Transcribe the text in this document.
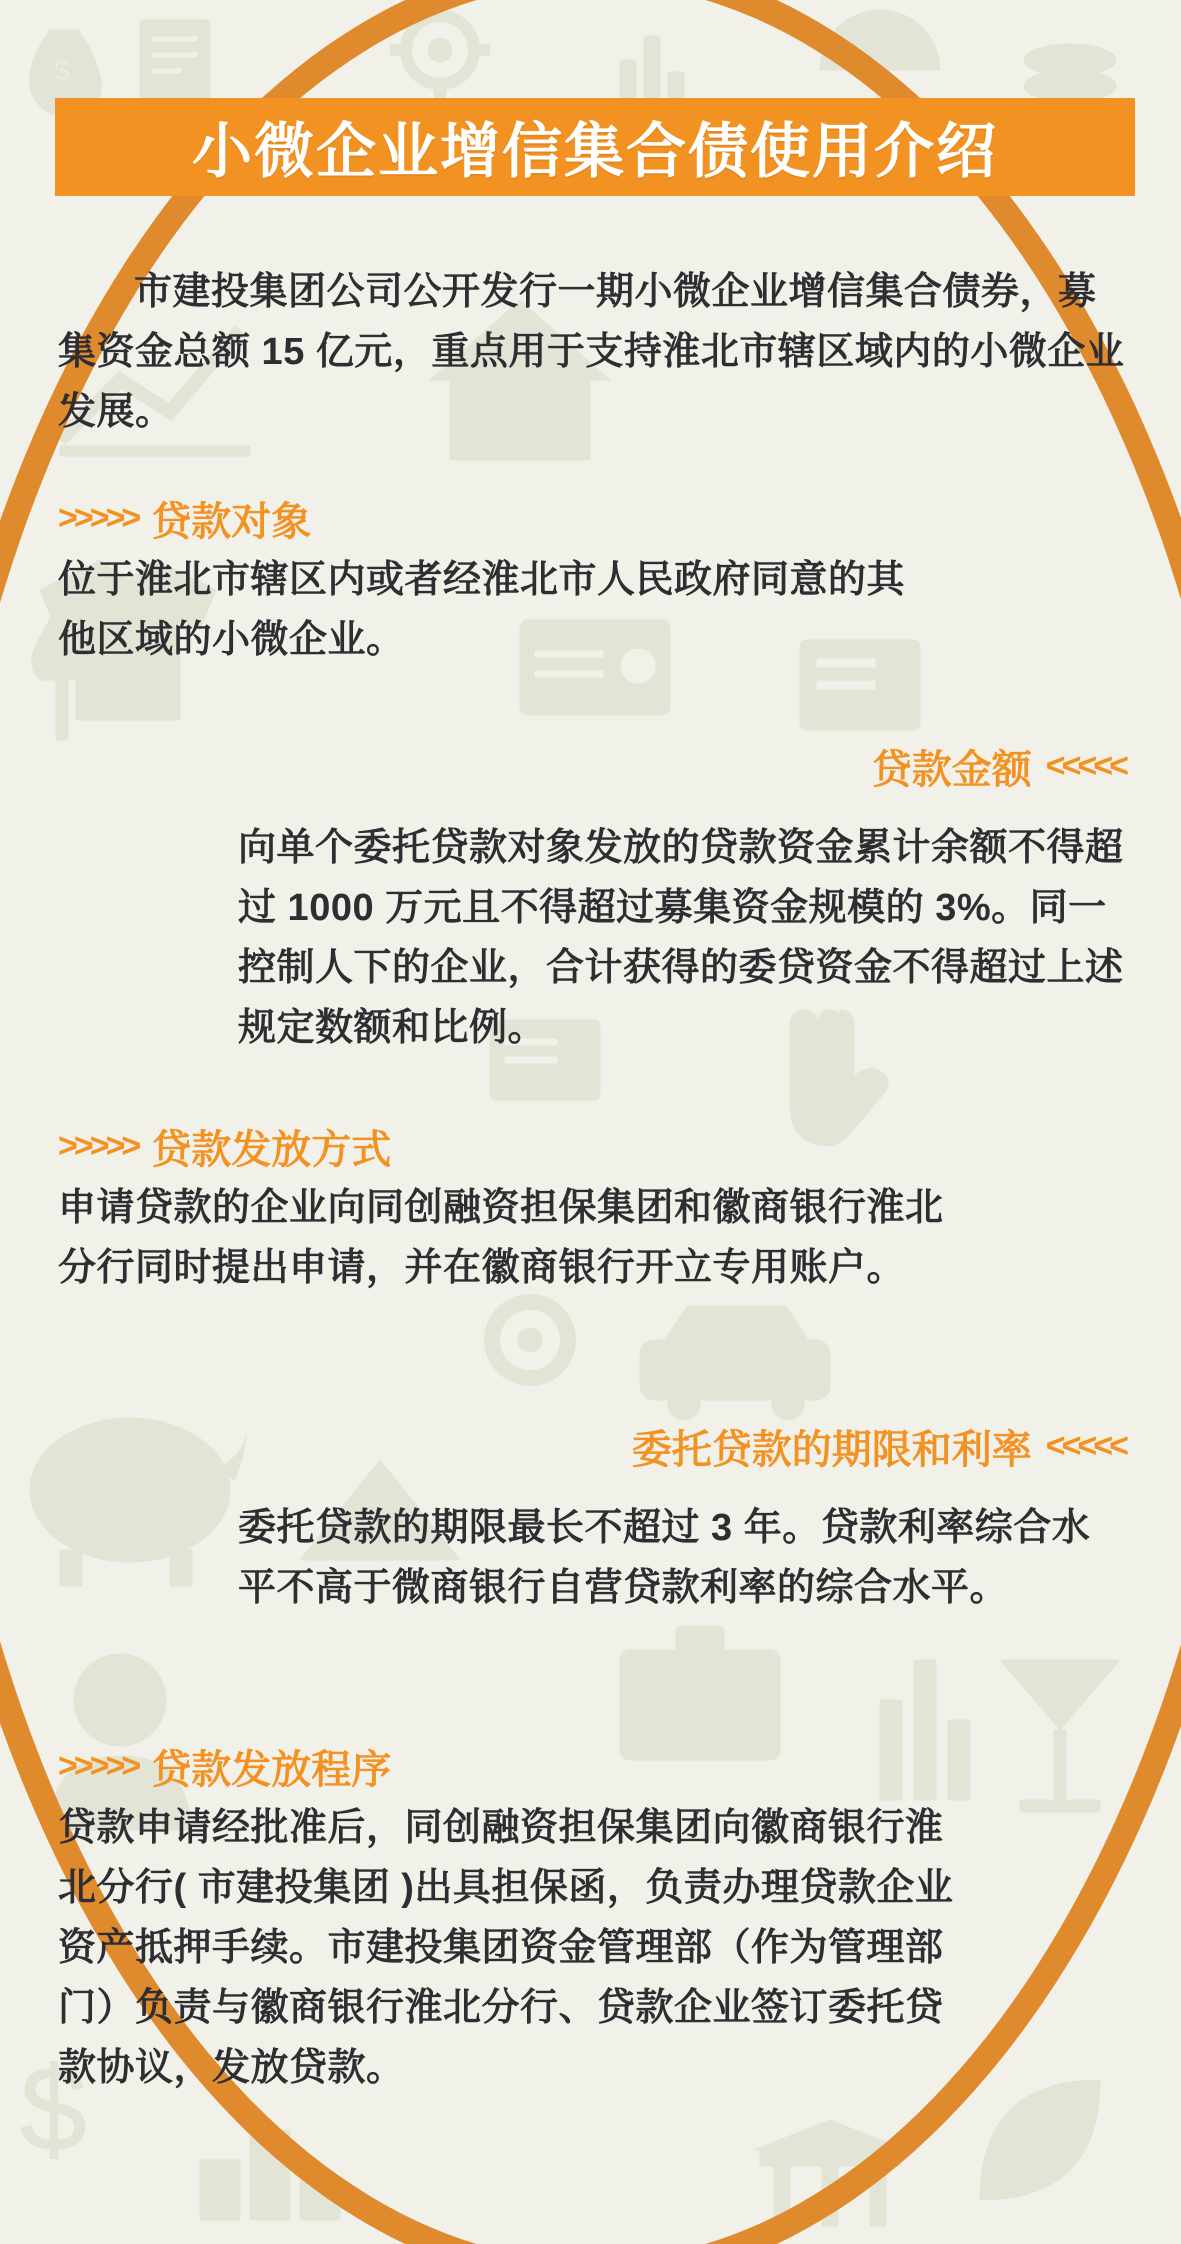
$
$
小微企业增信集合债使用介绍
市建投集团公司公开发行一期小微企业增信集合债券，募集资金总额 15 亿元，重点用于支持淮北市辖区域内的小微企业发展。
>>>>> 贷款对象
位于淮北市辖区内或者经淮北市人民政府同意的其他区域的小微企业。
贷款金额 <<<<<
向单个委托贷款对象发放的贷款资金累计余额不得超过 1000 万元且不得超过募集资金规模的 3%。同一控制人下的企业，合计获得的委贷资金不得超过上述规定数额和比例。
>>>>> 贷款发放方式
申请贷款的企业向同创融资担保集团和徽商银行淮北分行同时提出申请，并在徽商银行开立专用账户。
委托贷款的期限和利率 <<<<<
委托贷款的期限最长不超过 3 年。贷款利率综合水平不高于微商银行自营贷款利率的综合水平。
>>>>> 贷款发放程序
贷款申请经批准后，同创融资担保集团向徽商银行淮北分行( 市建投集团 )出具担保函，负责办理贷款企业资产抵押手续。市建投集团资金管理部（作为管理部门）负责与徽商银行淮北分行、贷款企业签订委托贷款协议，发放贷款。
